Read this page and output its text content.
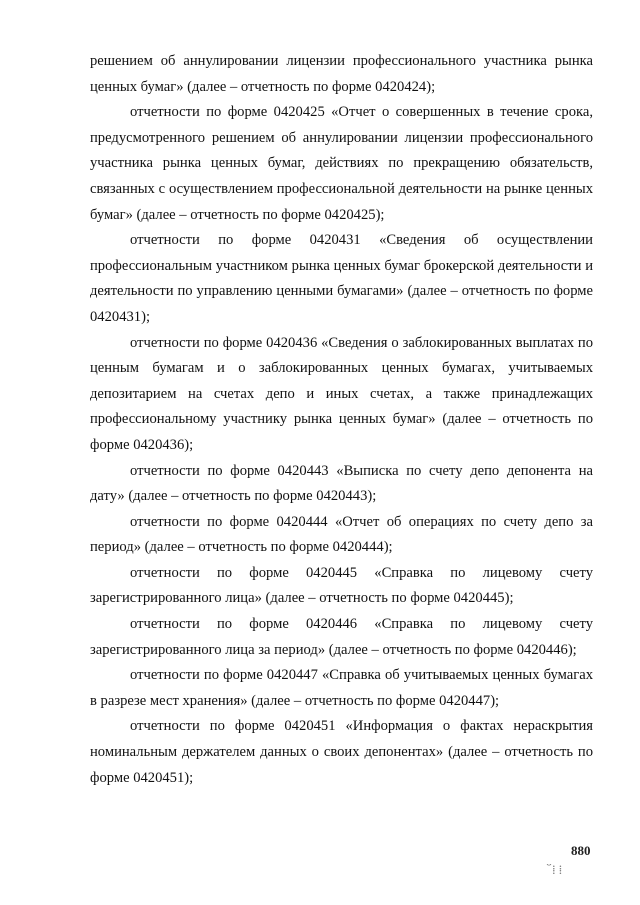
решением об аннулировании лицензии профессионального участника рынка ценных бумаг» (далее – отчетность по форме 0420424);

отчетности по форме 0420425 «Отчет о совершенных в течение срока, предусмотренного решением об аннулировании лицензии профессионального участника рынка ценных бумаг, действиях по прекращению обязательств, связанных с осуществлением профессиональной деятельности на рынке ценных бумаг» (далее – отчетность по форме 0420425);

отчетности по форме 0420431 «Сведения об осуществлении профессиональным участником рынка ценных бумаг брокерской деятельности и деятельности по управлению ценными бумагами» (далее – отчетность по форме 0420431);

отчетности по форме 0420436 «Сведения о заблокированных выплатах по ценным бумагам и о заблокированных ценных бумагах, учитываемых депозитарием на счетах депо и иных счетах, а также принадлежащих профессиональному участнику рынка ценных бумаг» (далее – отчетность по форме 0420436);

отчетности по форме 0420443 «Выписка по счету депо депонента на дату» (далее – отчетность по форме 0420443);

отчетности по форме 0420444 «Отчет об операциях по счету депо за период» (далее – отчетность по форме 0420444);

отчетности по форме 0420445 «Справка по лицевому счету зарегистрированного лица» (далее – отчетность по форме 0420445);

отчетности по форме 0420446 «Справка по лицевому счету зарегистрированного лица за период» (далее – отчетность по форме 0420446);

отчетности по форме 0420447 «Справка об учитываемых ценных бумагах в разрезе мест хранения» (далее – отчетность по форме 0420447);

отчетности по форме 0420451 «Информация о фактах нераскрытия номинальным держателем данных о своих депонентах» (далее – отчетность по форме 0420451);

880
꙼⁞⁞
